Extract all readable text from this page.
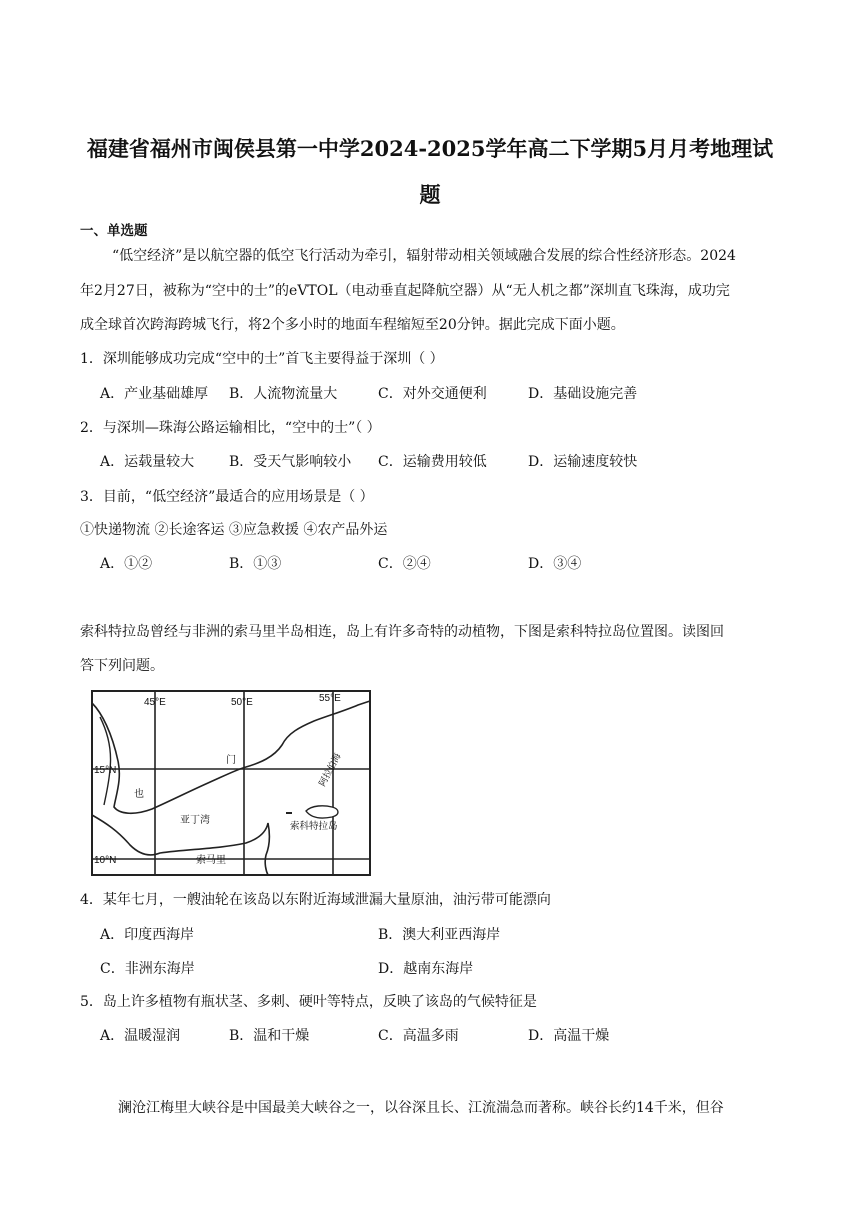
福建省福州市闽侯县第一中学2024-2025学年高二下学期5月月考地理试
题
一、单选题
“低空经济”是以航空器的低空飞行活动为牵引，辐射带动相关领域融合发展的综合性经济形态。2024
年2月27日，被称为“空中的士”的eVTOL（电动垂直起降航空器）从“无人机之都”深圳直飞珠海，成功完
成全球首次跨海跨城飞行，将2个多小时的地面车程缩短至20分钟。据此完成下面小题。
1．深圳能够成功完成“空中的士”首飞主要得益于深圳（ ）
A．产业基础雄厚 B．人流物流量大	C．对外交通便利	D．基础设施完善
2．与深圳—珠海公路运输相比，“空中的士”（ ）
A．运载量较大 B．受天气影响较小 C．运输费用较低	D．运输速度较快
3．目前，“低空经济”最适合的应用场景是（ ）
①快递物流 ②长途客运 ③应急救援 ④农产品外运
A．①②	B．①③	C．②④	D．③④
索科特拉岛曾经与非洲的索马里半岛相连，岛上有许多奇特的动植物，下图是索科特拉岛位置图。读图回
答下列问题。
45°E	50°E	55°E
15°N
10°N
门
也
阿拉伯海
亚丁湾
索科特拉岛
索马里
4．某年七月，一艘油轮在该岛以东附近海域泄漏大量原油，油污带可能漂向
A．印度西海岸	B．澳大利亚西海岸
C．非洲东海岸	D．越南东海岸
5．岛上许多植物有瓶状茎、多刺、硬叶等特点，反映了该岛的气候特征是
A．温暖湿润	B．温和干燥	C．高温多雨	D．高温干燥
澜沧江梅里大峡谷是中国最美大峡谷之一，以谷深且长、江流湍急而著称。峡谷长约14千米，但谷
